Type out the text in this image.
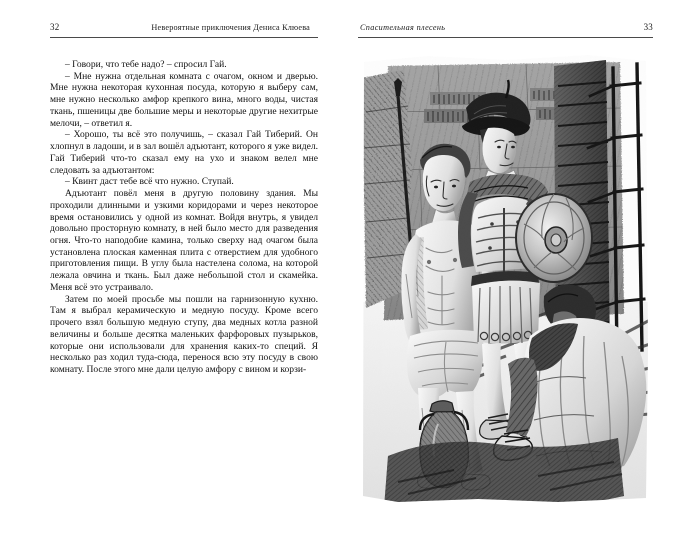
32	Невероятные приключения Дениса Клюева

– Говори, что тебе надо? – спросил Гай.

– Мне нужна отдельная комната с очагом, окном и дверью. Мне нужна некоторая кухонная посуда, которую я выберу сам, мне нужно несколько амфор крепкого вина, много воды, чистая ткань, пшеницы две большие меры и некоторые другие нехитрые мелочи, – ответил я.

– Хорошо, ты всё это получишь, – сказал Гай Тиберий. Он хлопнул в ладоши, и в зал вошёл адъютант, которого я уже видел. Гай Тиберий что-то сказал ему на ухо и знаком велел мне следовать за адъютантом:

– Квинт даст тебе всё что нужно. Ступай.

Адъютант повёл меня в другую половину здания. Мы проходили длинными и узкими коридорами и через некоторое время остановились у одной из комнат. Войдя внутрь, я увидел довольно просторную комнату, в ней было место для разведения огня. Что-то наподобие камина, только сверху над очагом была установлена плоская каменная плита с отверстием для удобного приготовления пищи. В углу была настелена солома, на которой лежала овчина и ткань. Был даже небольшой стол и скамейка. Меня всё это устраивало.

Затем по моей просьбе мы пошли на гарнизонную кухню. Там я выбрал керамическую и медную посуду. Кроме всего прочего взял большую медную ступу, два медных котла разной величины и больше десятка маленьких фарфоровых пузырьков, которые они использовали для хранения каких-то специй. Я несколько раз ходил туда-сюда, перенося всю эту посуду в свою комнату. После этого мне дали целую амфору с вином и корзи-

Спасительная плесень	33
